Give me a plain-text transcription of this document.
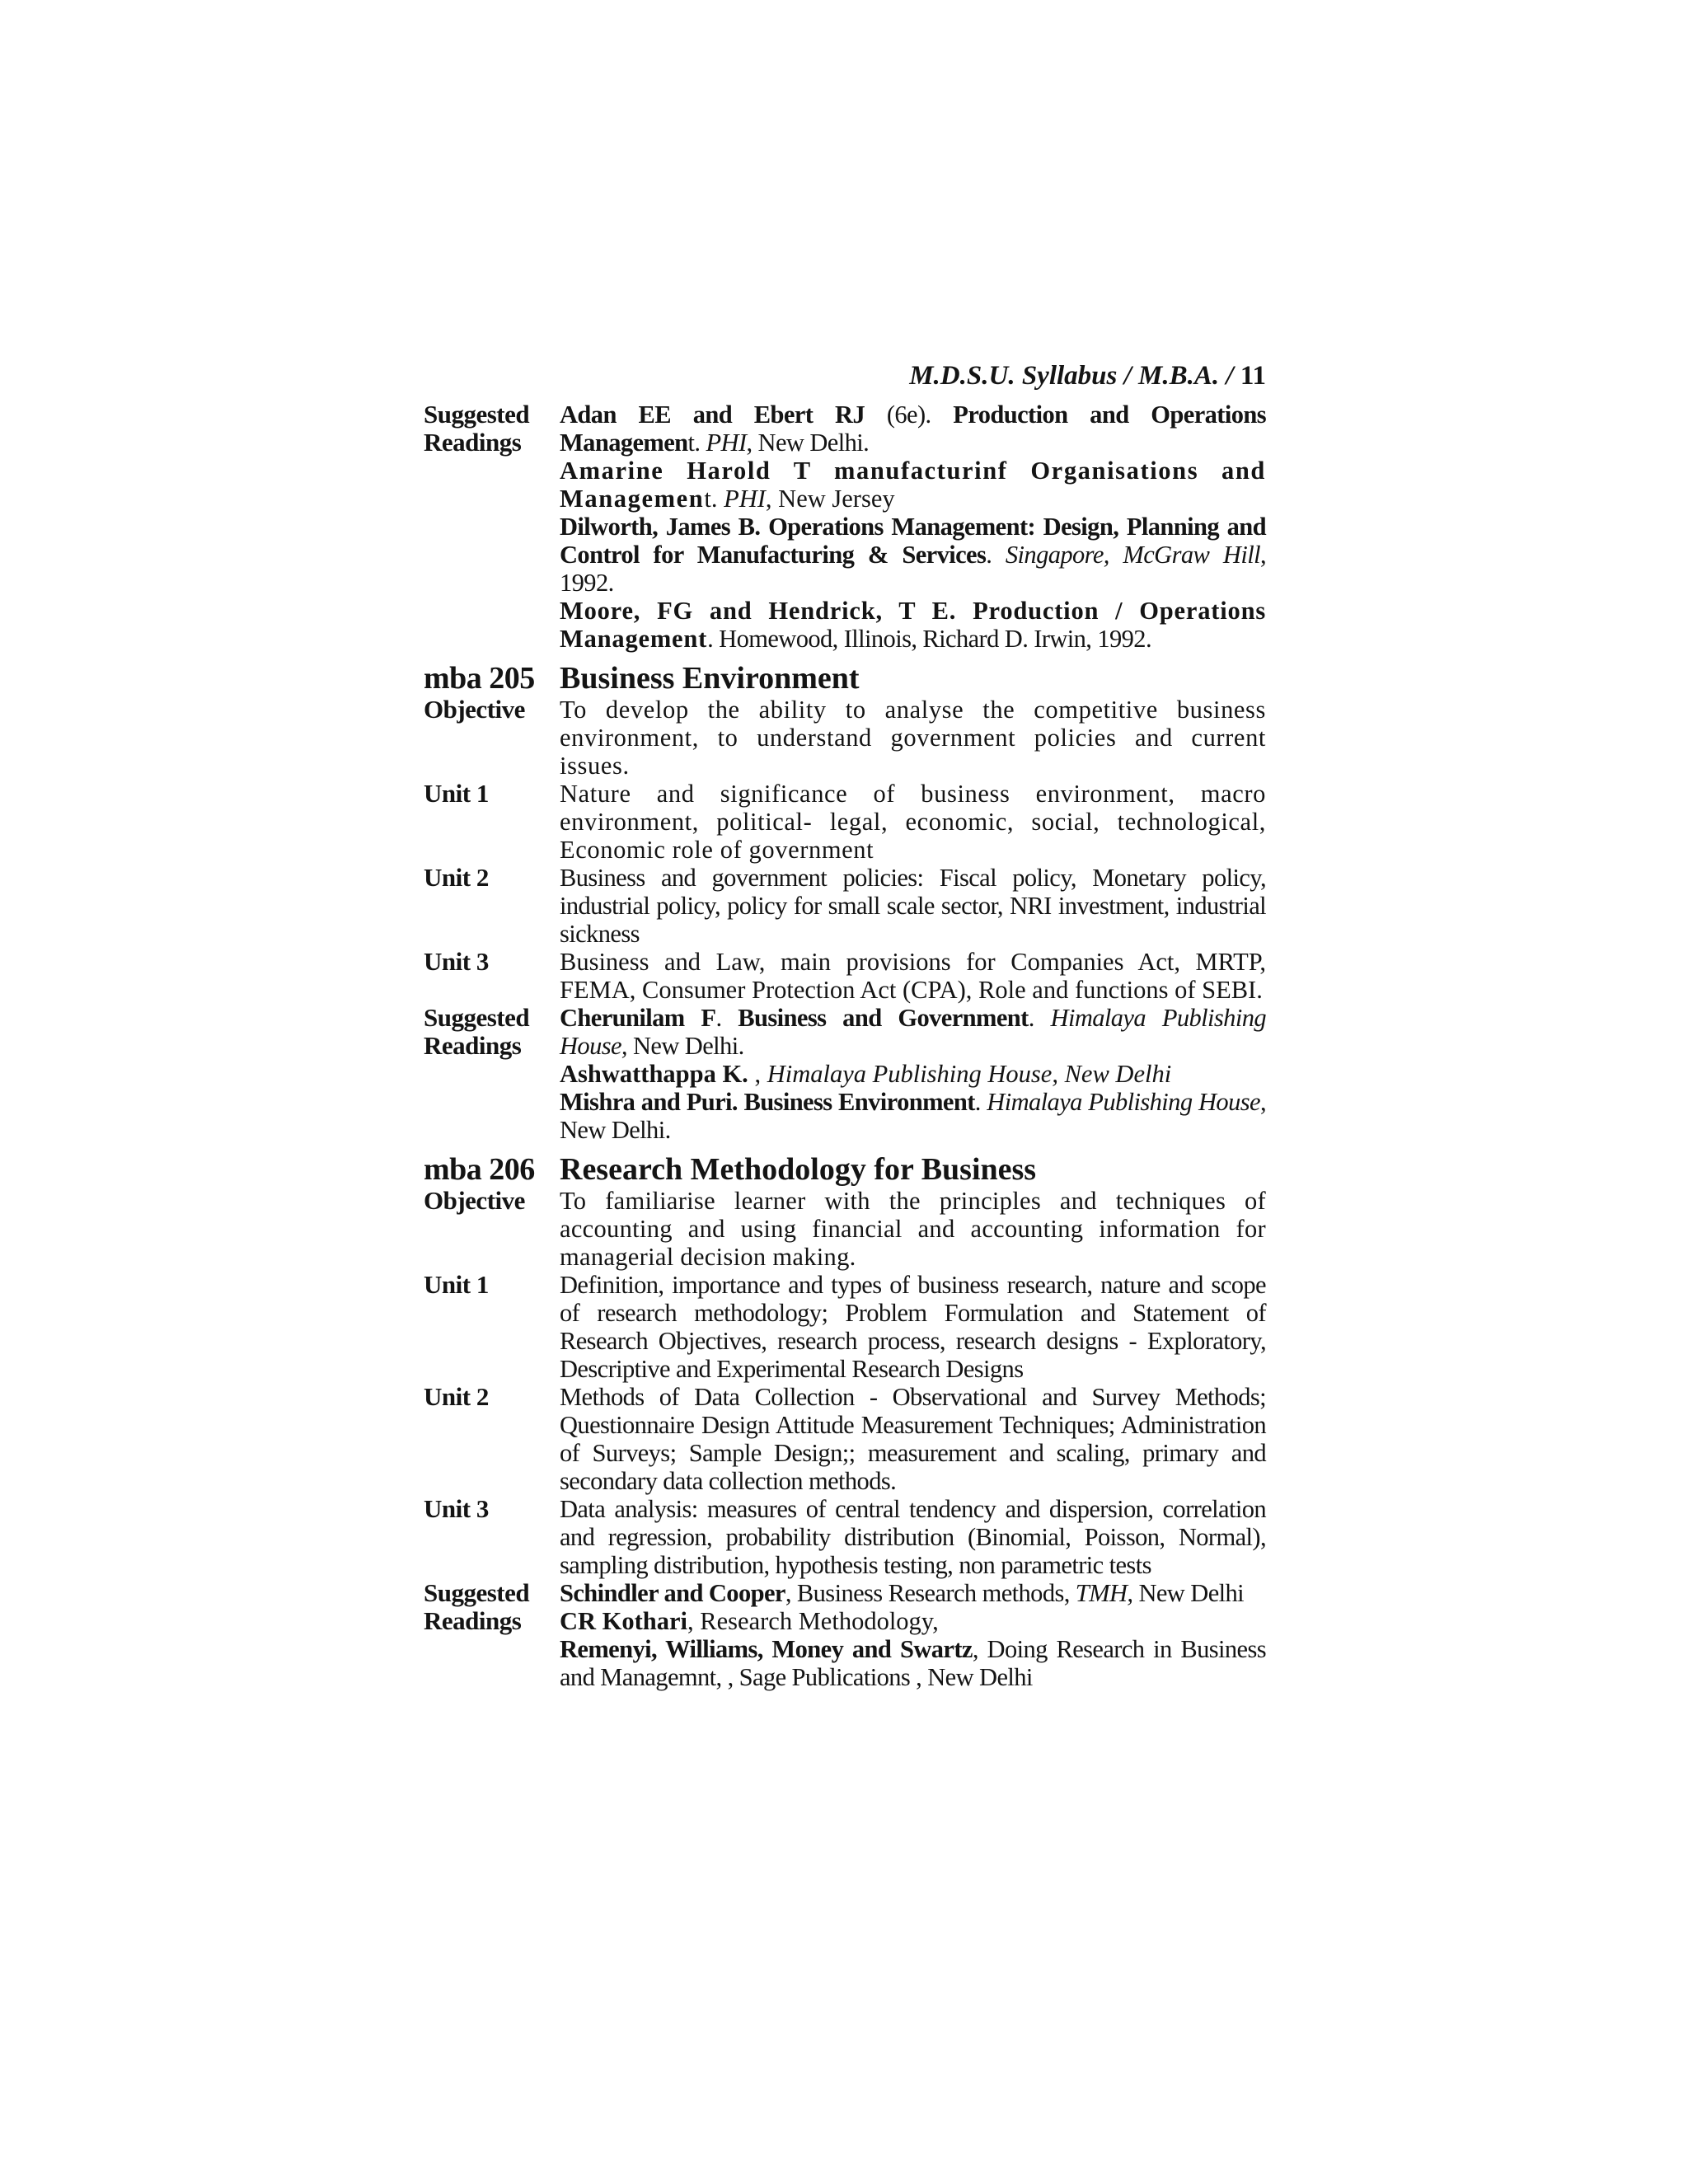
M.D.S.U. Syllabus / M.B.A. / 11
Suggested
Readings

Adan EE and Ebert RJ (6e). Production and Operations Management. PHI, New Delhi.

Amarine Harold T manufacturinf Organisations and Management. PHI, New Jersey

Dilworth, James B. Operations Management: Design, Planning and Control for Manufacturing & Services. Singapore, McGraw Hill, 1992.

Moore, FG and Hendrick, T E. Production / Operations Management. Homewood, Illinois, Richard D. Irwin, 1992.

mba 205 Business Environment
Objective	To develop the ability to analyse the competitive business environment, to understand government policies and current issues.
Unit 1	Nature and significance of business environment, macro environment, political- legal, economic, social, technological, Economic role of government
Unit 2	Business and government policies: Fiscal policy, Monetary policy, industrial policy, policy for small scale sector, NRI investment, industrial sickness
Unit 3	Business and Law, main provisions for Companies Act, MRTP, FEMA, Consumer Protection Act (CPA), Role and functions of SEBI.
Suggested
Readings

Cherunilam F. Business and Government. Himalaya Publishing House, New Delhi.

Ashwatthappa K. , Himalaya Publishing House, New Delhi

Mishra and Puri. Business Environment. Himalaya Publishing House, New Delhi.

mba 206 Research Methodology for Business
Objective	To familiarise learner with the principles and techniques of accounting and using financial and accounting information for managerial decision making.
Unit 1	Definition, importance and types of business research, nature and scope of research methodology; Problem Formulation and Statement of Research Objectives, research process, research designs - Exploratory, Descriptive and Experimental Research Designs
Unit 2	Methods of Data Collection - Observational and Survey Methods; Questionnaire Design Attitude Measurement Techniques; Administration of Surveys; Sample Design;; measurement and scaling, primary and secondary data collection methods.
Unit 3	Data analysis: measures of central tendency and dispersion, correlation and regression, probability distribution (Binomial, Poisson, Normal), sampling distribution, hypothesis testing, non parametric tests
Suggested
Readings

Schindler and Cooper, Business Research methods, TMH, New Delhi

CR Kothari, Research Methodology,

Remenyi, Williams, Money and Swartz, Doing Research in Business and Managemnt, , Sage Publications , New Delhi
